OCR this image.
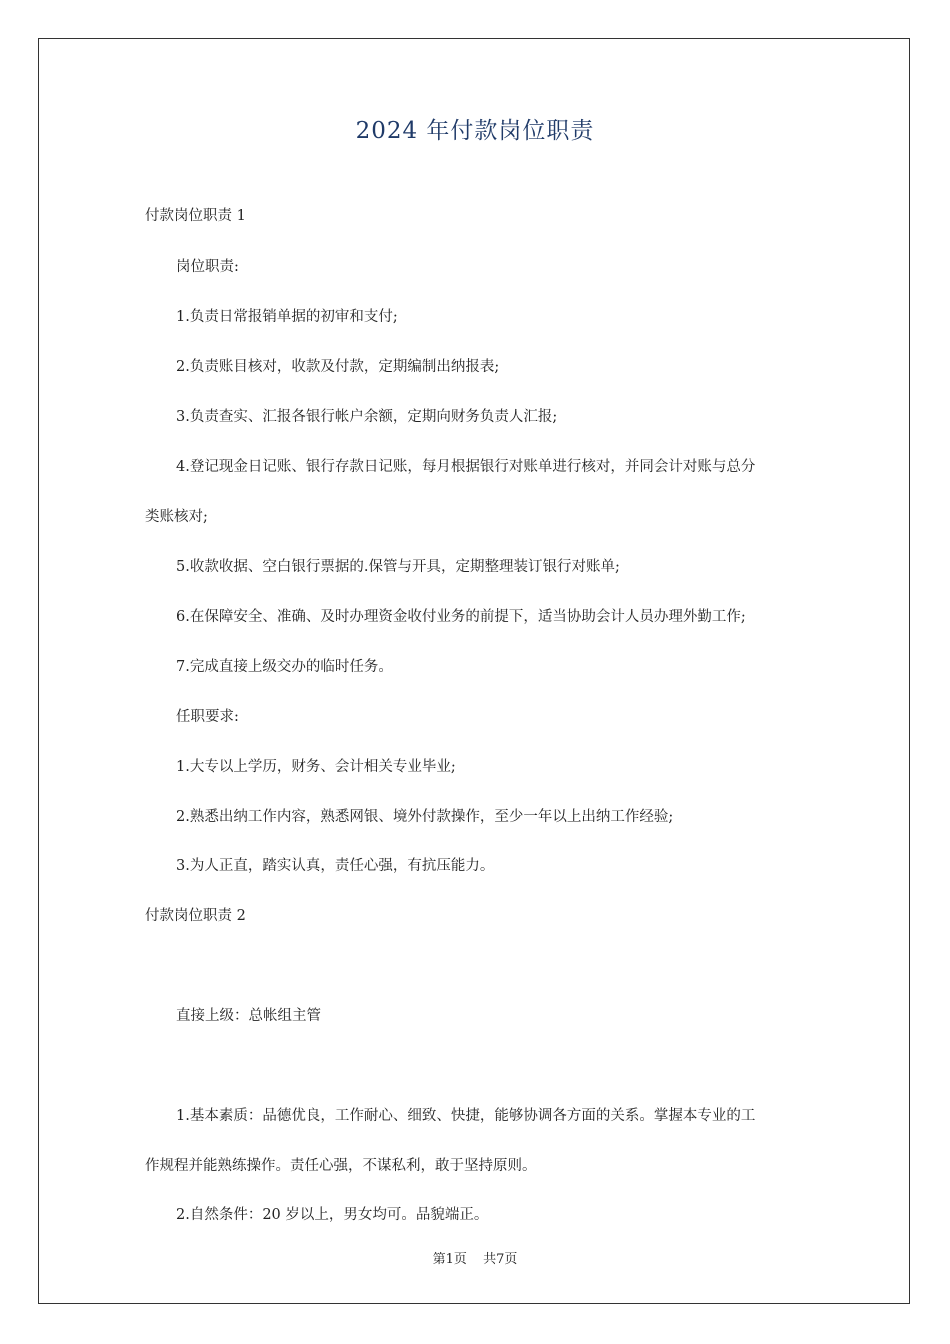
2024 年付款岗位职责
付款岗位职责 1
岗位职责:
1.负责日常报销单据的初审和支付;
2.负责账目核对，收款及付款，定期编制出纳报表;
3.负责查实、汇报各银行帐户余额，定期向财务负责人汇报;
4.登记现金日记账、银行存款日记账，每月根据银行对账单进行核对，并同会计对账与总分
类账核对;
5.收款收据、空白银行票据的.保管与开具，定期整理装订银行对账单;
6.在保障安全、准确、及时办理资金收付业务的前提下，适当协助会计人员办理外勤工作;
7.完成直接上级交办的临时任务。
任职要求:
1.大专以上学历，财务、会计相关专业毕业;
2.熟悉出纳工作内容，熟悉网银、境外付款操作，至少一年以上出纳工作经验;
3.为人正直，踏实认真，责任心强，有抗压能力。
付款岗位职责 2
直接上级：总帐组主管
1.基本素质：品德优良，工作耐心、细致、快捷，能够协调各方面的关系。掌握本专业的工
作规程并能熟练操作。责任心强，不谋私利，敢于坚持原则。
2.自然条件：20 岁以上，男女均可。品貌端正。
第1页 共7页
